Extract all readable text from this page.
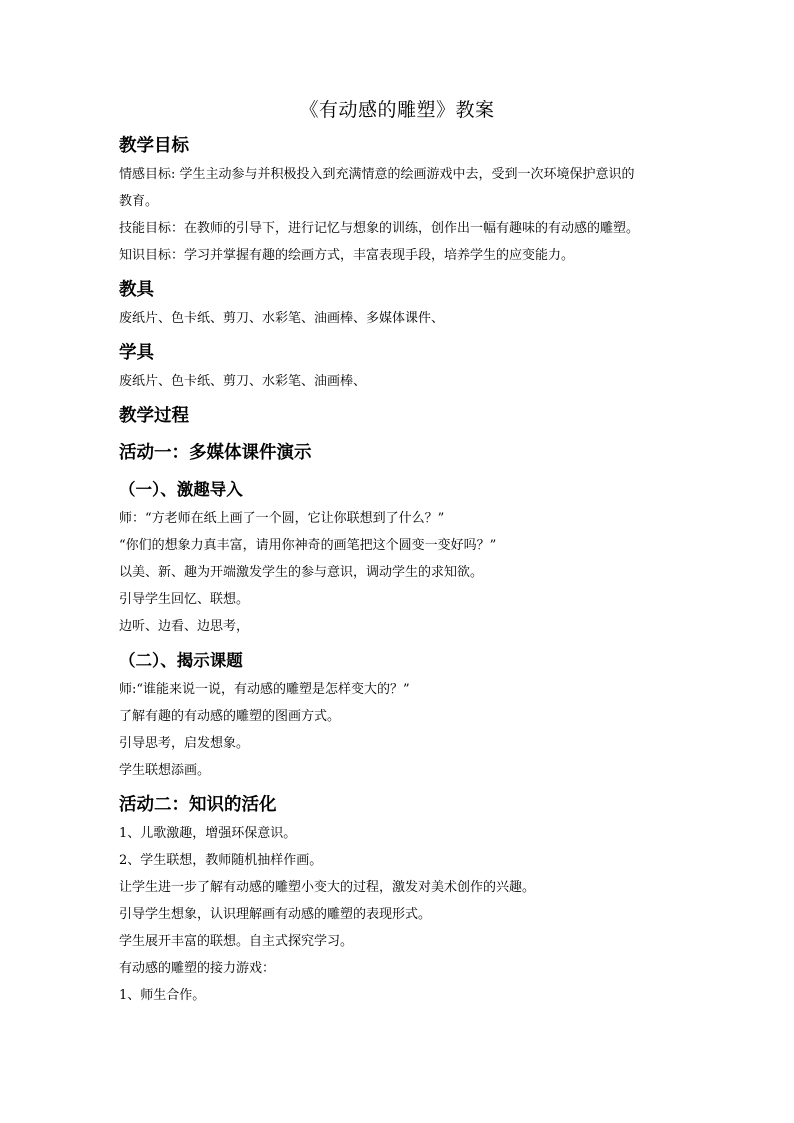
《有动感的雕塑》教案
教学目标
情感目标: 学生主动参与并积极投入到充满情意的绘画游戏中去，受到一次环境保护意识的
教育。
技能目标：在教师的引导下，进行记忆与想象的训练，创作出一幅有趣味的有动感的雕塑。
知识目标：学习并掌握有趣的绘画方式，丰富表现手段，培养学生的应变能力。
教具
废纸片、色卡纸、剪刀、水彩笔、油画棒、多媒体课件、
学具
废纸片、色卡纸、剪刀、水彩笔、油画棒、
教学过程
活动一：多媒体课件演示
（一）、激趣导入
师：“方老师在纸上画了一个圆，它让你联想到了什么？”
“你们的想象力真丰富，请用你神奇的画笔把这个圆变一变好吗？”
以美、新、趣为开端激发学生的参与意识，调动学生的求知欲。
引导学生回忆、联想。
边听、边看、边思考，
（二）、揭示课题
师:“谁能来说一说，有动感的雕塑是怎样变大的？”
了解有趣的有动感的雕塑的图画方式。
引导思考，启发想象。
学生联想添画。
活动二：知识的活化
1、儿歌激趣，增强环保意识。
2、学生联想，教师随机抽样作画。
让学生进一步了解有动感的雕塑小变大的过程，激发对美术创作的兴趣。
引导学生想象，认识理解画有动感的雕塑的表现形式。
学生展开丰富的联想。自主式探究学习。
有动感的雕塑的接力游戏：
1、师生合作。
